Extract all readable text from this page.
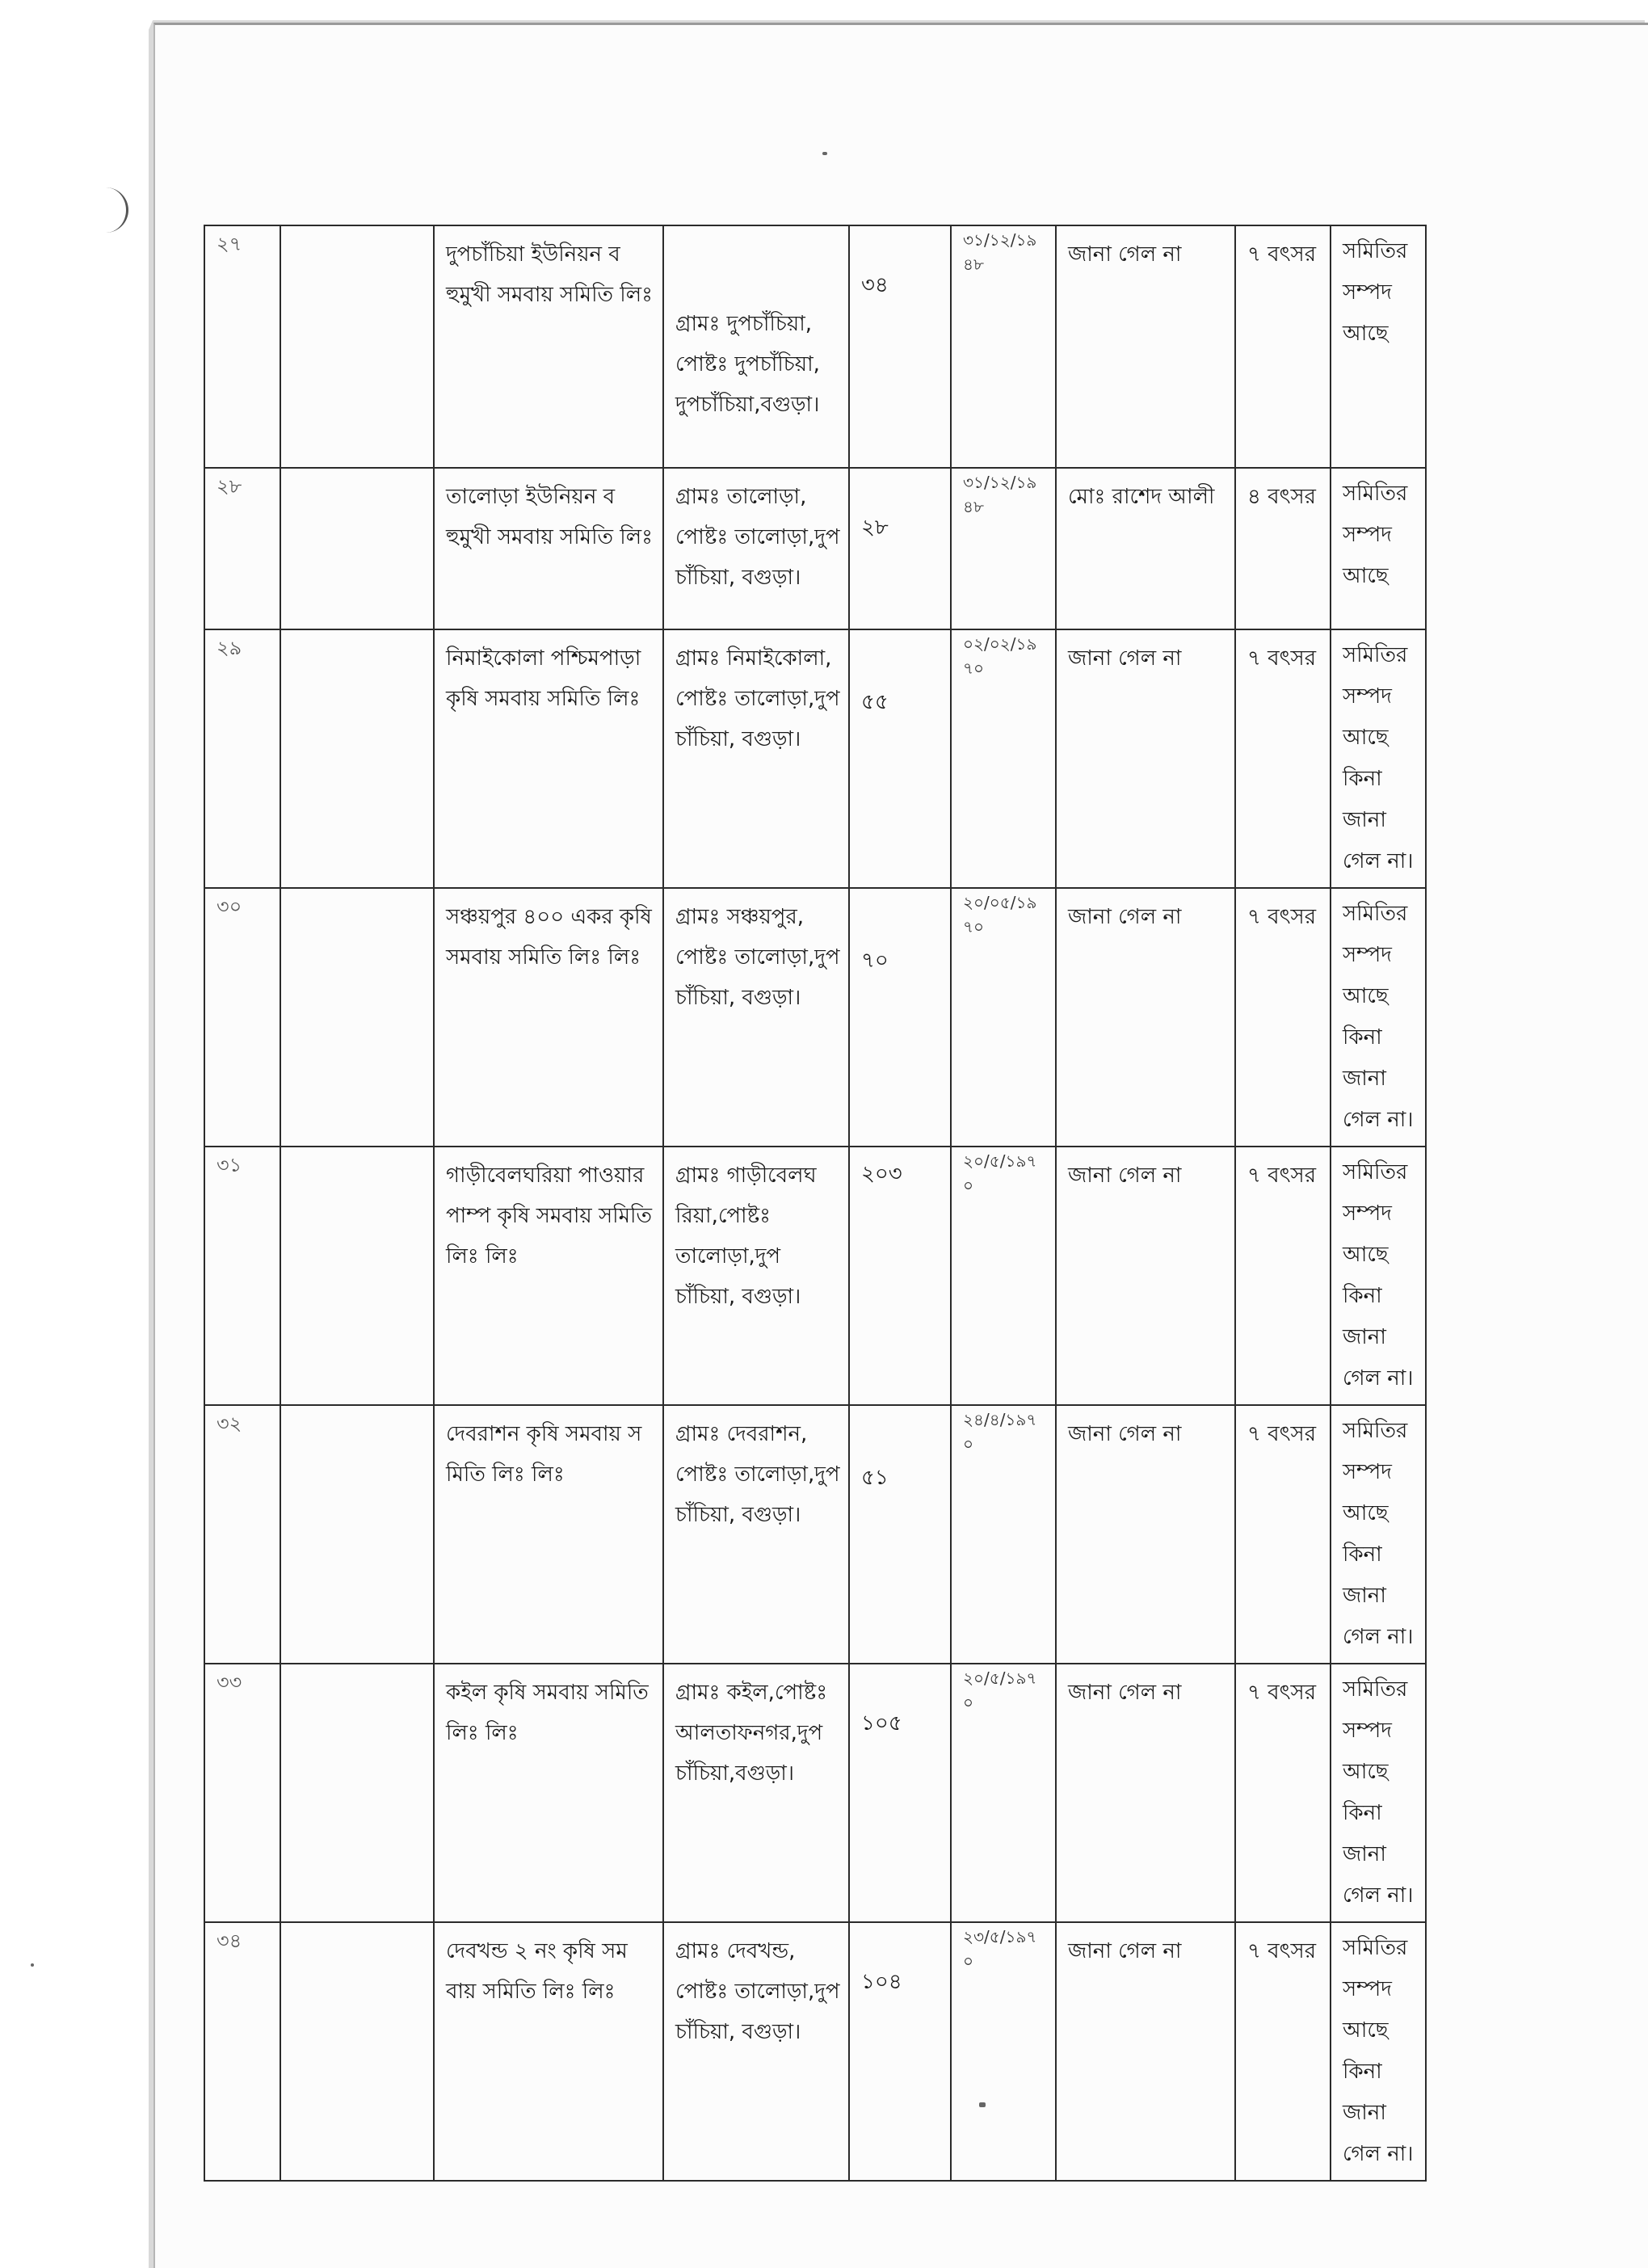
২৭		দুপচাঁচিয়া ইউনিয়ন বহুমুখী সমবায় সমিতি লিঃ	গ্রামঃ দুপচাঁচিয়া,পোষ্টঃ দুপচাঁচিয়া,দুপচাঁচিয়া,বগুড়া।	৩৪	৩১/১২/১৯৪৮	জানা গেল না	৭ বৎসর	সমিতির সম্পদ আছে
২৮		তালোড়া ইউনিয়ন বহুমুখী সমবায় সমিতি লিঃ	গ্রামঃ তালোড়া,পোষ্টঃ তালোড়া,দুপচাঁচিয়া, বগুড়া।	২৮	৩১/১২/১৯৪৮	মোঃ রাশেদ আলী	৪ বৎসর	সমিতির সম্পদ আছে
২৯		নিমাইকোলা পশ্চিমপাড়া কৃষি সমবায় সমিতি লিঃ	গ্রামঃ নিমাইকোলা,পোষ্টঃ তালোড়া,দুপচাঁচিয়া, বগুড়া।	৫৫	০২/০২/১৯৭০	জানা গেল না	৭ বৎসর	সমিতির সম্পদ আছে কিনা জানা গেল না।
৩০		সঞ্চয়পুর ৪০০ একর কৃষি সমবায় সমিতি লিঃ লিঃ	গ্রামঃ সঞ্চয়পুর,পোষ্টঃ তালোড়া,দুপচাঁচিয়া, বগুড়া।	৭০	২০/০৫/১৯৭০	জানা গেল না	৭ বৎসর	সমিতির সম্পদ আছে কিনা জানা গেল না।
৩১		গাড়ীবেলঘরিয়া পাওয়ারপাম্প কৃষি সমবায় সমিতি লিঃ লিঃ	গ্রামঃ গাড়ীবেলঘরিয়া,পোষ্টঃ তালোড়া,দুপচাঁচিয়া, বগুড়া।	২০৩	২০/৫/১৯৭০	জানা গেল না	৭ বৎসর	সমিতির সম্পদ আছে কিনা জানা গেল না।
৩২		দেবরাশন কৃষি সমবায় সমিতি লিঃ লিঃ	গ্রামঃ দেবরাশন,পোষ্টঃ তালোড়া,দুপচাঁচিয়া, বগুড়া।	৫১	২৪/৪/১৯৭০	জানা গেল না	৭ বৎসর	সমিতির সম্পদ আছে কিনা জানা গেল না।
৩৩		কইল কৃষি সমবায় সমিতি লিঃ লিঃ	গ্রামঃ কইল,পোষ্টঃ আলতাফনগর,দুপচাঁচিয়া,বগুড়া।	১০৫	২০/৫/১৯৭০	জানা গেল না	৭ বৎসর	সমিতির সম্পদ আছে কিনা জানা গেল না।
৩৪		দেবখন্ড ২ নং কৃষি সমবায় সমিতি লিঃ লিঃ	গ্রামঃ দেবখন্ড,পোষ্টঃ তালোড়া,দুপচাঁচিয়া, বগুড়া।	১০৪	২৩/৫/১৯৭০	জানা গেল না	৭ বৎসর	সমিতির সম্পদ আছে কিনা জানা গেল না।
